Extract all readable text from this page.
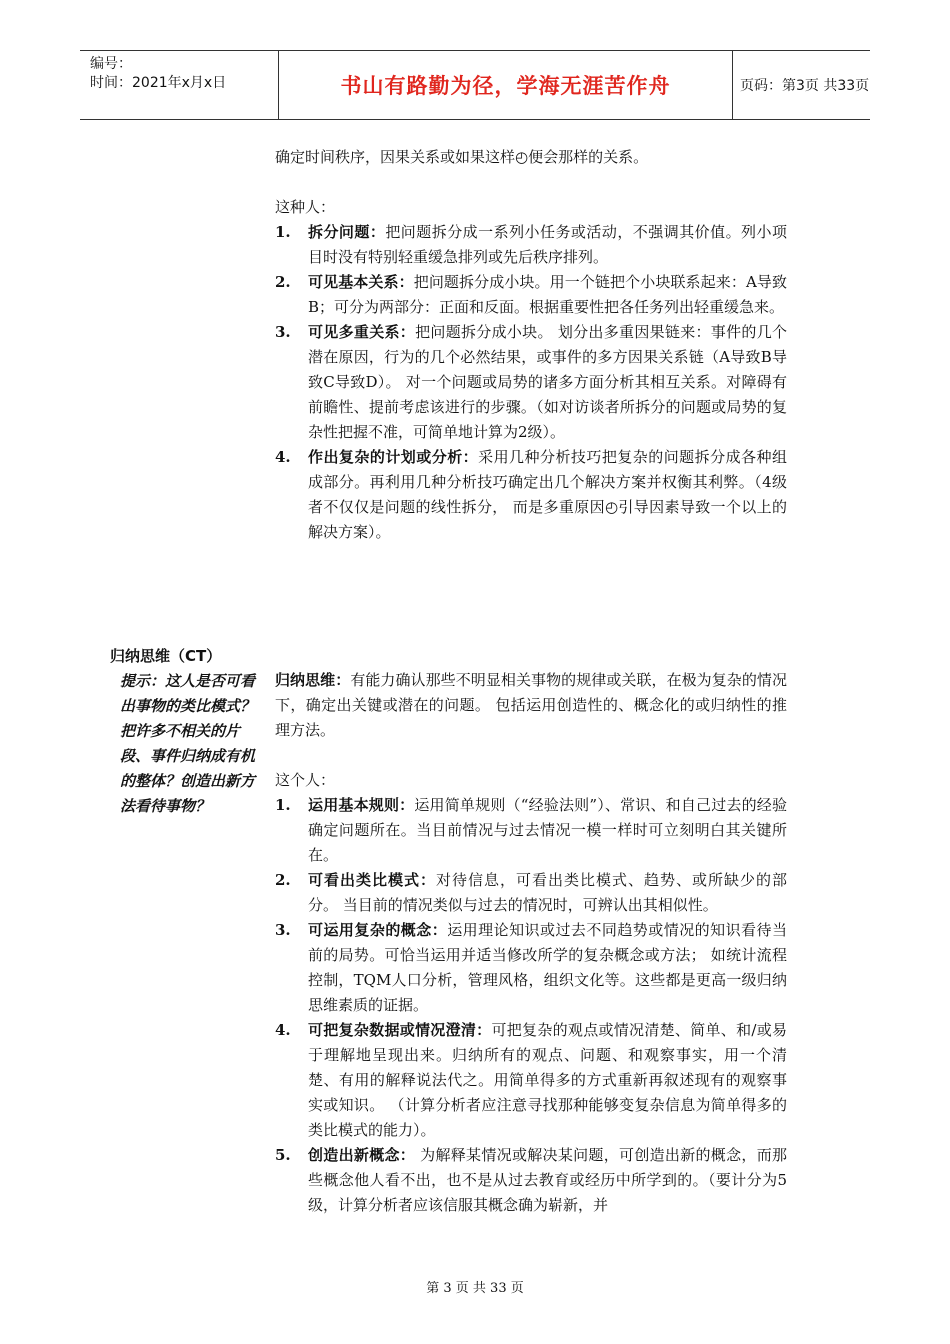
编号：
时间：2021年x月x日	书山有路勤为径，学海无涯苦作舟	页码：第3页 共33页

确定时间秩序，因果关系或如果这样◴便会那样的关系。

这种人：

1. 拆分问题：把问题拆分成一系列小任务或活动，不强调其价值。列小项目时没有特别轻重缓急排列或先后秩序排列。
2. 可见基本关系：把问题拆分成小块。用一个链把个小块联系起来：A导致B；可分为两部分：正面和反面。根据重要性把各任务列出轻重缓急来。
3. 可见多重关系：把问题拆分成小块。 划分出多重因果链来：事件的几个潜在原因，行为的几个必然结果，或事件的多方因果关系链（A导致B导致C导致D）。 对一个问题或局势的诸多方面分析其相互关系。对障碍有前瞻性、提前考虑该进行的步骤。（如对访谈者所拆分的问题或局势的复杂性把握不准，可简单地计算为2级）。
4. 作出复杂的计划或分析：采用几种分析技巧把复杂的问题拆分成各种组成部分。再利用几种分析技巧确定出几个解决方案并权衡其利弊。（4级者不仅仅是问题的线性拆分， 而是多重原因◴引导因素导致一个以上的解决方案）。
归纳思维（CT）
提示：这人是否可看出事物的类比模式？把许多不相关的片段、事件归纳成有机的整体？创造出新方法看待事物？

归纳思维：有能力确认那些不明显相关事物的规律或关联，在极为复杂的情况下，确定出关键或潜在的问题。 包括运用创造性的、概念化的或归纳性的推理方法。

这个人：

1. 运用基本规则：运用简单规则（“经验法则”）、常识、和自己过去的经验确定问题所在。当目前情况与过去情况一模一样时可立刻明白其关键所在。
2. 可看出类比模式：对待信息，可看出类比模式、趋势、或所缺少的部分。 当目前的情况类似与过去的情况时，可辨认出其相似性。
3. 可运用复杂的概念：运用理论知识或过去不同趋势或情况的知识看待当前的局势。可恰当运用并适当修改所学的复杂概念或方法； 如统计流程控制，TQM人口分析，管理风格，组织文化等。这些都是更高一级归纳思维素质的证据。
4. 可把复杂数据或情况澄清：可把复杂的观点或情况清楚、简单、和/或易于理解地呈现出来。归纳所有的观点、问题、和观察事实，用一个清楚、有用的解释说法代之。用简单得多的方式重新再叙述现有的观察事实或知识。 （计算分析者应注意寻找那种能够变复杂信息为简单得多的类比模式的能力）。
5. 创造出新概念： 为解释某情况或解决某问题，可创造出新的概念，而那些概念他人看不出，也不是从过去教育或经历中所学到的。（要计分为5级，计算分析者应该信服其概念确为崭新，并
第 3 页 共 33 页
